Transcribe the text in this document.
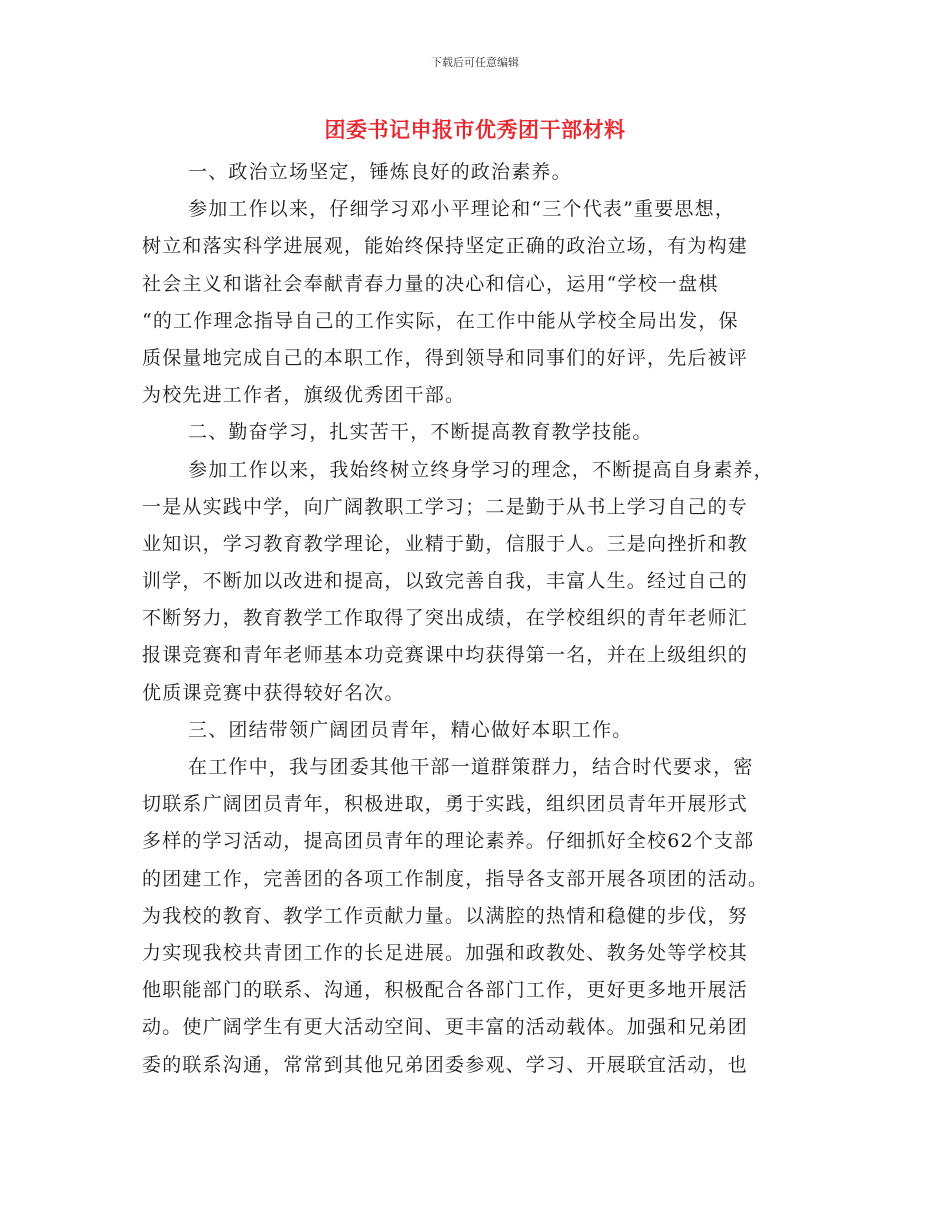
下载后可任意编辑
团委书记申报市优秀团干部材料
一、政治立场坚定，锤炼良好的政治素养。
参加工作以来，仔细学习邓小平理论和“三个代表”重要思想，
树立和落实科学进展观，能始终保持坚定正确的政治立场，有为构建
社会主义和谐社会奉献青春力量的决心和信心，运用“学校一盘棋
“的工作理念指导自己的工作实际，在工作中能从学校全局出发，保
质保量地完成自己的本职工作，得到领导和同事们的好评，先后被评
为校先进工作者，旗级优秀团干部。
二、勤奋学习，扎实苦干，不断提高教育教学技能。
参加工作以来，我始终树立终身学习的理念，不断提高自身素养，
一是从实践中学，向广阔教职工学习；二是勤于从书上学习自己的专
业知识，学习教育教学理论，业精于勤，信服于人。三是向挫折和教
训学，不断加以改进和提高，以致完善自我，丰富人生。经过自己的
不断努力，教育教学工作取得了突出成绩，在学校组织的青年老师汇
报课竞赛和青年老师基本功竞赛课中均获得第一名，并在上级组织的
优质课竞赛中获得较好名次。
三、团结带领广阔团员青年，精心做好本职工作。
在工作中，我与团委其他干部一道群策群力，结合时代要求，密
切联系广阔团员青年，积极进取，勇于实践，组织团员青年开展形式
多样的学习活动，提高团员青年的理论素养。仔细抓好全校62个支部
的团建工作，完善团的各项工作制度，指导各支部开展各项团的活动。
为我校的教育、教学工作贡献力量。以满腔的热情和稳健的步伐，努
力实现我校共青团工作的长足进展。加强和政教处、教务处等学校其
他职能部门的联系、沟通，积极配合各部门工作，更好更多地开展活
动。使广阔学生有更大活动空间、更丰富的活动载体。加强和兄弟团
委的联系沟通，常常到其他兄弟团委参观、学习、开展联宜活动，也
